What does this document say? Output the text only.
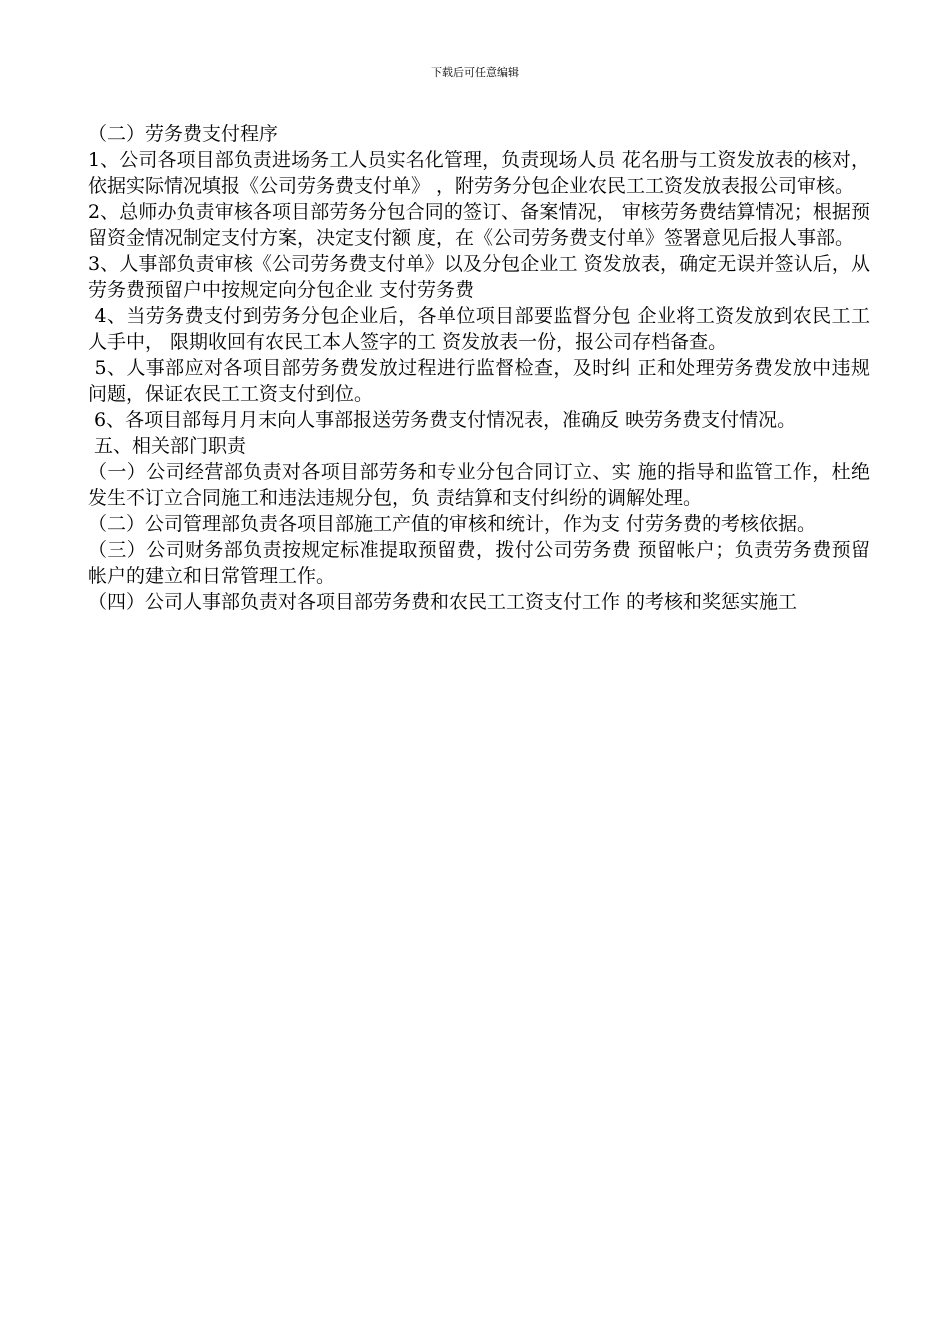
下载后可任意编辑

（二）劳务费支付程序

1、公司各项目部负责进场务工人员实名化管理，负责现场人员 花名册与工资发放表的核对，依据实际情况填报《公司劳务费支付单》 ，附劳务分包企业农民工工资发放表报公司审核。

2、总师办负责审核各项目部劳务分包合同的签订、备案情况， 审核劳务费结算情况；根据预留资金情况制定支付方案，决定支付额 度，在《公司劳务费支付单》签署意见后报人事部。

3、人事部负责审核《公司劳务费支付单》以及分包企业工 资发放表，确定无误并签认后，从劳务费预留户中按规定向分包企业 支付劳务费

4、当劳务费支付到劳务分包企业后，各单位项目部要监督分包 企业将工资发放到农民工工人手中， 限期收回有农民工本人签字的工 资发放表一份，报公司存档备查。

5、人事部应对各项目部劳务费发放过程进行监督检查，及时纠 正和处理劳务费发放中违规问题，保证农民工工资支付到位。

6、各项目部每月月末向人事部报送劳务费支付情况表，准确反 映劳务费支付情况。

五、相关部门职责

（一）公司经营部负责对各项目部劳务和专业分包合同订立、实 施的指导和监管工作，杜绝发生不订立合同施工和违法违规分包，负 责结算和支付纠纷的调解处理。

（二）公司管理部负责各项目部施工产值的审核和统计，作为支 付劳务费的考核依据。

（三）公司财务部负责按规定标准提取预留费，拨付公司劳务费 预留帐户；负责劳务费预留帐户的建立和日常管理工作。

（四）公司人事部负责对各项目部劳务费和农民工工资支付工作 的考核和奖惩实施工
